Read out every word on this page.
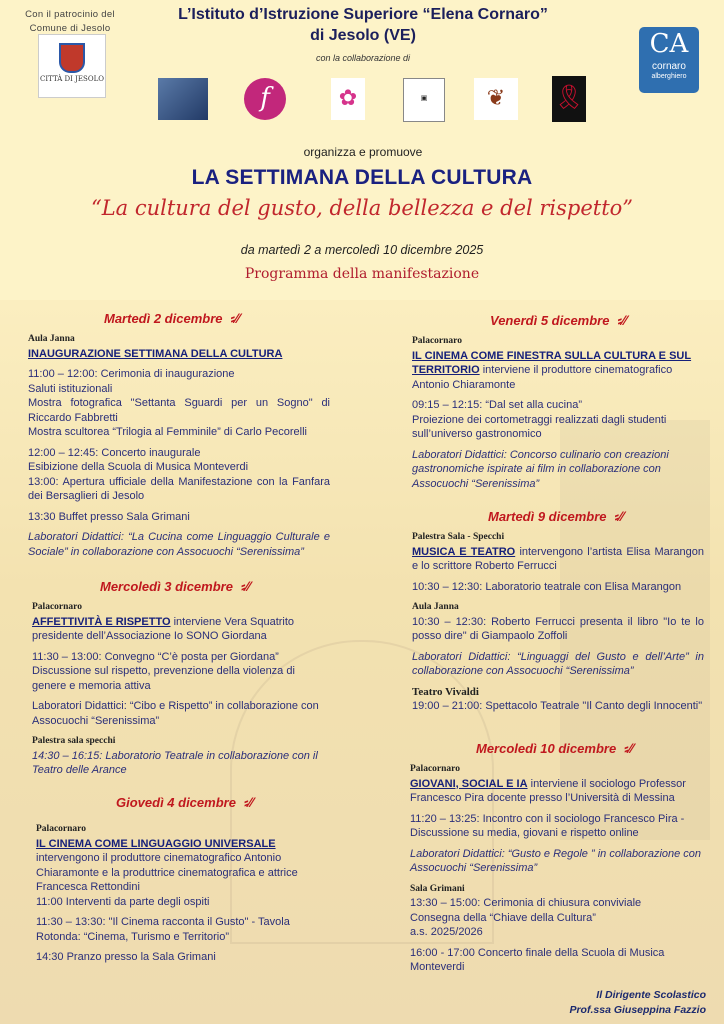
Con il patrocinio del Comune di Jesolo
CITTÀ DI JESOLO
L’Istituto d’Istruzione Superiore “Elena Cornaro”
di Jesolo (VE)
con la collaborazione di	CA
cornaro
alberghiero
𝑓	✿	▣	❦	🎗
organizza e promuove
LA SETTIMANA DELLA CULTURA
“La cultura del gusto, della bellezza e del rispetto”
da martedì 2 a mercoledì 10 dicembre 2025
Programma della manifestazione
Martedì 2 dicembre ⸗⁄⁄
Mercoledì 3 dicembre ⸗⁄⁄
Giovedì 4 dicembre ⸗⁄⁄
Venerdì 5 dicembre ⸗⁄⁄
Martedì 9 dicembre ⸗⁄⁄
Mercoledì 10 dicembre ⸗⁄⁄
Aula Janna
INAUGURAZIONE SETTIMANA DELLA CULTURA

11:00 – 12:00: Cerimonia di inaugurazione

Saluti istituzionali

Mostra fotografica "Settanta Sguardi per un Sogno" di Riccardo Fabbretti

Mostra scultorea “Trilogia al Femminile” di Carlo Pecorelli

12:00 – 12:45: Concerto inaugurale

Esibizione della Scuola di Musica Monteverdi

13:00: Apertura ufficiale della Manifestazione con la Fanfara dei Bersaglieri di Jesolo

13:30 Buffet presso Sala Grimani

Laboratori Didattici: “La Cucina come Linguaggio Culturale e Sociale” in collaborazione con Assocuochi “Serenissima”

Palacornaro

AFFETTIVITÀ E RISPETTO interviene Vera Squatrito presidente dell’Associazione Io SONO Giordana

11:30 – 13:00: Convegno “C’è posta per Giordana”

Discussione sul rispetto, prevenzione della violenza di genere e memoria attiva

Laboratori Didattici: “Cibo e Rispetto” in collaborazione con Assocuochi “Serenissima”

Palestra sala specchi

14:30 – 16:15: Laboratorio Teatrale in collaborazione con il Teatro delle Arance

Palacornaro
IL CINEMA COME LINGUAGGIO UNIVERSALE

intervengono il produttore cinematografico Antonio Chiaramonte e la produttrice cinematografica e attrice Francesca Rettondini

11:00 Interventi da parte degli ospiti

11:30 – 13:30: "Il Cinema racconta il Gusto" - Tavola Rotonda: “Cinema, Turismo e Territorio”

14:30 Pranzo presso la Sala Grimani

Palacornaro

IL CINEMA COME FINESTRA SULLA CULTURA E SUL TERRITORIO interviene il produttore cinematografico Antonio Chiaramonte

09:15 – 12:15: “Dal set alla cucina”

Proiezione dei cortometraggi realizzati dagli studenti sull’universo gastronomico

Laboratori Didattici: Concorso culinario con creazioni gastronomiche ispirate ai film in collaborazione con Assocuochi “Serenissima”

Palestra Sala - Specchi

MUSICA E TEATRO intervengono l’artista Elisa Marangon e lo scrittore Roberto Ferrucci

10:30 – 12:30: Laboratorio teatrale con Elisa Marangon

Aula Janna

10:30 – 12:30: Roberto Ferrucci presenta il libro "Io te lo posso dire" di Giampaolo Zoffoli

Laboratori Didattici: “Linguaggi del Gusto e dell’Arte” in collaborazione con Assocuochi “Serenissima”

Teatro Vivaldi

19:00 – 21:00: Spettacolo Teatrale "Il Canto degli Innocenti"

Palacornaro

GIOVANI, SOCIAL E IA interviene il sociologo Professor Francesco Pira docente presso l’Università di Messina

11:20 – 13:25: Incontro con il sociologo Francesco Pira - Discussione su media, giovani e rispetto online

Laboratori Didattici: “Gusto e Regole ” in collaborazione con Assocuochi “Serenissima”

Sala Grimani

13:30 – 15:00: Cerimonia di chiusura conviviale

Consegna della “Chiave della Cultura”

a.s. 2025/2026

16:00 - 17:00 Concerto finale della Scuola di Musica Monteverdi

Il Dirigente Scolastico
Prof.ssa Giuseppina Fazzio
